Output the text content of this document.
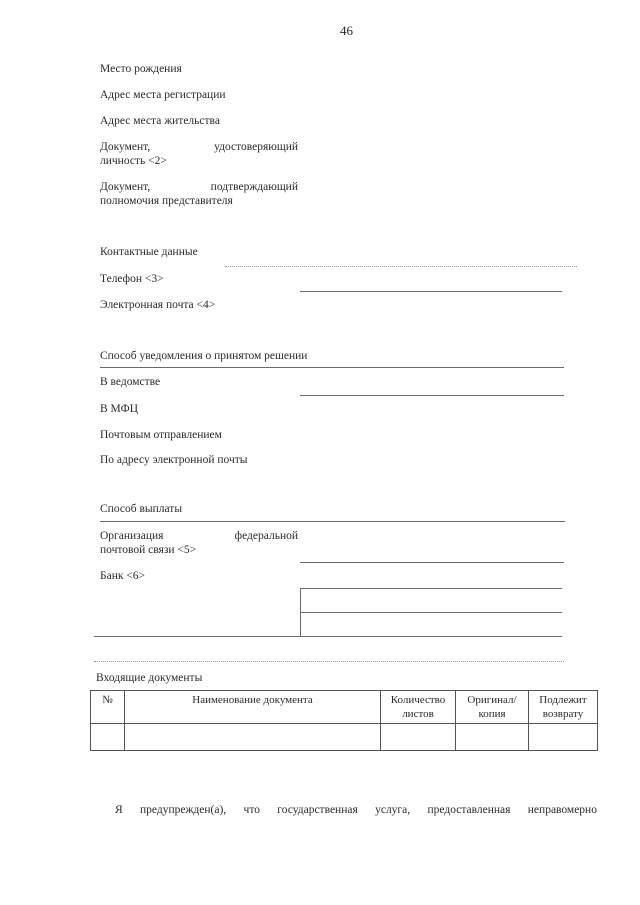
46
Место рождения
Адрес места регистрации
Адрес места жительства
Документ,	удостоверяющий
личность <2>
Документ,	подтверждающий
полномочия представителя
Контактные данные
Телефон <3>
Электронная почта <4>
Способ уведомления о принятом решении
В ведомстве
В МФЦ
Почтовым отправлением
По адресу электронной почты
Способ выплаты
Организация	федеральной
почтовой связи <5>
Банк <6>
Входящие документы
№	Наименование документа	Количество листов	Оригинал/ копия	Подлежит возврату

Я предупрежден(а), что государственная услуга, предоставленная неправомерно
